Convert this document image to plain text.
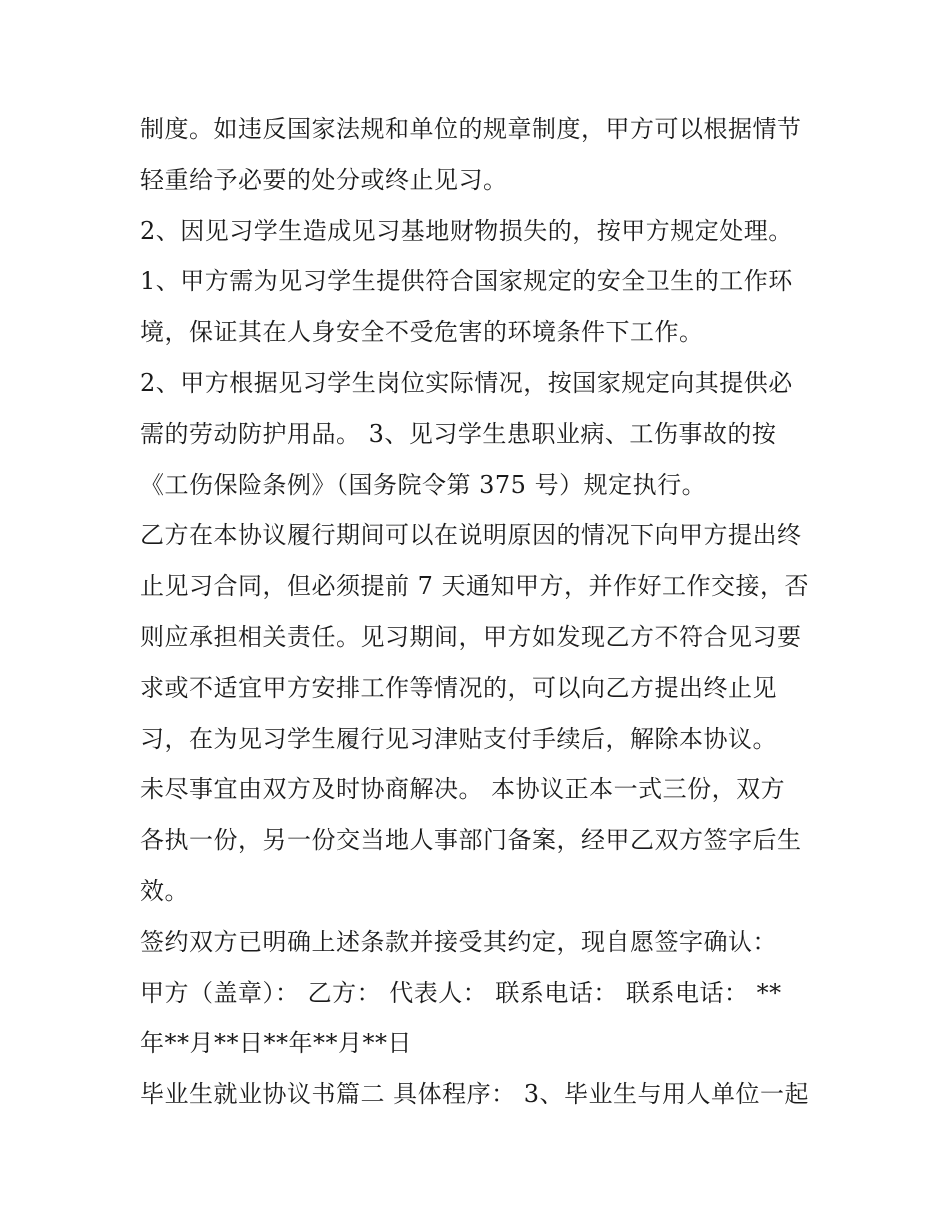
制度。如违反国家法规和单位的规章制度，甲方可以根据情节
轻重给予必要的处分或终止见习。
2、因见习学生造成见习基地财物损失的，按甲方规定处理。
1、甲方需为见习学生提供符合国家规定的安全卫生的工作环
境，保证其在人身安全不受危害的环境条件下工作。
2、甲方根据见习学生岗位实际情况，按国家规定向其提供必
需的劳动防护用品。 3、见习学生患职业病、工伤事故的按
《工伤保险条例》（国务院令第 375 号）规定执行。
乙方在本协议履行期间可以在说明原因的情况下向甲方提出终
止见习合同，但必须提前 7 天通知甲方，并作好工作交接，否
则应承担相关责任。见习期间，甲方如发现乙方不符合见习要
求或不适宜甲方安排工作等情况的，可以向乙方提出终止见
习，在为见习学生履行见习津贴支付手续后，解除本协议。
未尽事宜由双方及时协商解决。 本协议正本一式三份，双方
各执一份，另一份交当地人事部门备案，经甲乙双方签字后生
效。
签约双方已明确上述条款并接受其约定，现自愿签字确认：
甲方（盖章）： 乙方： 代表人： 联系电话： 联系电话： **
年**月**日**年**月**日
毕业生就业协议书篇二 具体程序： 3、毕业生与用人单位一起
